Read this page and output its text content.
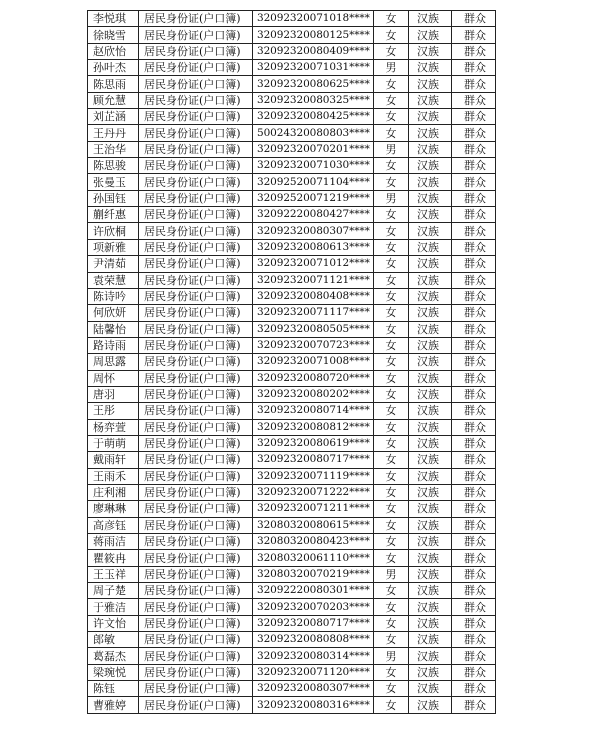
李悦琪	居民身份证(户口簿)	32092320071018****	女	汉族	群众
徐晓雪	居民身份证(户口簿)	32092320080125****	女	汉族	群众
赵欣怡	居民身份证(户口簿)	32092320080409****	女	汉族	群众
孙叶杰	居民身份证(户口簿)	32092320071031****	男	汉族	群众
陈思雨	居民身份证(户口簿)	32092320080625****	女	汉族	群众
顾允慧	居民身份证(户口簿)	32092320080325****	女	汉族	群众
刘芷涵	居民身份证(户口簿)	32092320080425****	女	汉族	群众
王丹丹	居民身份证(户口簿)	50024320080803****	女	汉族	群众
王治华	居民身份证(户口簿)	32092320070201****	男	汉族	群众
陈思骏	居民身份证(户口簿)	32092320071030****	女	汉族	群众
张曼玉	居民身份证(户口簿)	32092520071104****	女	汉族	群众
孙国钰	居民身份证(户口簿)	32092520071219****	男	汉族	群众
蒯纤惠	居民身份证(户口簿)	32092220080427****	女	汉族	群众
许欣桐	居民身份证(户口簿)	32092320080307****	女	汉族	群众
项新雅	居民身份证(户口簿)	32092320080613****	女	汉族	群众
尹清茹	居民身份证(户口簿)	32092320071012****	女	汉族	群众
袁荣慧	居民身份证(户口簿)	32092320071121****	女	汉族	群众
陈诗吟	居民身份证(户口簿)	32092320080408****	女	汉族	群众
何欣妍	居民身份证(户口簿)	32092320071117****	女	汉族	群众
陆馨怡	居民身份证(户口簿)	32092320080505****	女	汉族	群众
路诗雨	居民身份证(户口簿)	32092320070723****	女	汉族	群众
周思露	居民身份证(户口簿)	32092320071008****	女	汉族	群众
周怀	居民身份证(户口簿)	32092320080720****	女	汉族	群众
唐羽	居民身份证(户口簿)	32092320080202****	女	汉族	群众
王彤	居民身份证(户口簿)	32092320080714****	女	汉族	群众
杨弈萱	居民身份证(户口簿)	32092320080812****	女	汉族	群众
于萌萌	居民身份证(户口簿)	32092320080619****	女	汉族	群众
戴雨轩	居民身份证(户口簿)	32092320080717****	女	汉族	群众
王雨禾	居民身份证(户口簿)	32092320071119****	女	汉族	群众
庄利湘	居民身份证(户口簿)	32092320071222****	女	汉族	群众
廖琳琳	居民身份证(户口簿)	32092320071211****	女	汉族	群众
高彦钰	居民身份证(户口簿)	32080320080615****	女	汉族	群众
蒋雨洁	居民身份证(户口簿)	32080320080423****	女	汉族	群众
瞿筱冉	居民身份证(户口簿)	32080320061110****	女	汉族	群众
王玉祥	居民身份证(户口簿)	32080320070219****	男	汉族	群众
周子楚	居民身份证(户口簿)	32092220080301****	女	汉族	群众
于雅洁	居民身份证(户口簿)	32092320070203****	女	汉族	群众
许文怡	居民身份证(户口簿)	32092320080717****	女	汉族	群众
郎敏	居民身份证(户口簿)	32092320080808****	女	汉族	群众
葛磊杰	居民身份证(户口簿)	32092320080314****	男	汉族	群众
梁琬悦	居民身份证(户口簿)	32092320071120****	女	汉族	群众
陈钰	居民身份证(户口簿)	32092320080307****	女	汉族	群众
曹雅婷	居民身份证(户口簿)	32092320080316****	女	汉族	群众
